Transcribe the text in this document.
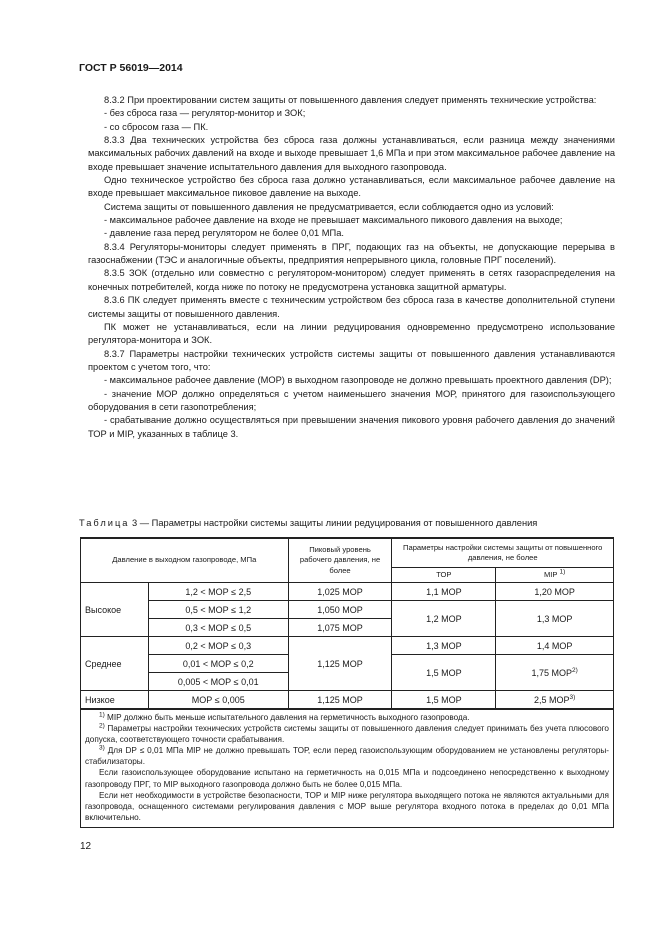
ГОСТ Р 56019—2014

8.3.2 При проектировании систем защиты от повышенного давления следует применять технические устройства:

- без сброса газа — регулятор-монитор и ЗОК;

- со сбросом газа — ПК.

8.3.3 Два технических устройства без сброса газа должны устанавливаться, если разница между значениями максимальных рабочих давлений на входе и выходе превышает 1,6 МПа и при этом максимальное рабочее давление на входе превышает значение испытательного давления для выходного газопровода.

Одно техническое устройство без сброса газа должно устанавливаться, если максимальное рабочее давление на входе превышает максимальное пиковое давление на выходе.

Система защиты от повышенного давления не предусматривается, если соблюдается одно из условий:

- максимальное рабочее давление на входе не превышает максимального пикового давления на выходе;

- давление газа перед регулятором не более 0,01 МПа.

8.3.4 Регуляторы-мониторы следует применять в ПРГ, подающих газ на объекты, не допускающие перерыва в газоснабжении (ТЭС и аналогичные объекты, предприятия непрерывного цикла, головные ПРГ поселений).

8.3.5 ЗОК (отдельно или совместно с регулятором-монитором) следует применять в сетях газораспределения на конечных потребителей, когда ниже по потоку не предусмотрена установка защитной арматуры.

8.3.6 ПК следует применять вместе с техническим устройством без сброса газа в качестве дополнительной ступени системы защиты от повышенного давления.

ПК может не устанавливаться, если на линии редуцирования одновременно предусмотрено использование регулятора-монитора и ЗОК.

8.3.7 Параметры настройки технических устройств системы защиты от повышенного давления устанавливаются проектом с учетом того, что:

- максимальное рабочее давление (МОР) в выходном газопроводе не должно превышать проектного давления (DP);

- значение МОР должно определяться с учетом наименьшего значения МОР, принятого для газоиспользующего оборудования в сети газопотребления;

- срабатывание должно осуществляться при превышении значения пикового уровня рабочего давления до значений ТОР и MIP, указанных в таблице 3.

Таблица 3 — Параметры настройки системы защиты линии редуцирования от повышенного давления
Давление в выходном газопроводе, МПа		Пиковый уровень рабочего давления, не более	Параметры настройки системы защиты от повышенного давления, не более	
			ТОР	MIP $^{1)}$
Высокое	1,2 < МОР ≤ 2,5	1,025 МОР	1,1 МОР	1,20 МОР
	0,5 < МОР ≤ 1,2	1,050 МОР	1,2 МОР	1,3 МОР
	0,3 < МОР ≤ 0,5	1,075 МОР		
Среднее	0,2 < МОР ≤ 0,3	1,125 МОР	1,3 МОР	1,4 МОР
	0,01 < МОР ≤ 0,2		1,5 МОР	1,75 МОР$^{2)}$
	0,005 < МОР ≤ 0,01			
Низкое	МОР ≤ 0,005	1,125 МОР	1,5 МОР	2,5 МОР$^{3)}$

$^{1)}$ MIP должно быть меньше испытательного давления на герметичность выходного газопровода.

$^{2)}$ Параметры настройки технических устройств системы защиты от повышенного давления следует принимать без учета плюсового допуска, соответствующего точности срабатывания.

$^{3)}$ Для DP ≤ 0,01 МПа MIP не должно превышать ТОР, если перед газоиспользующим оборудованием не установлены регуляторы-стабилизаторы.

Если газоиспользующее оборудование испытано на герметичность на 0,015 МПа и подсоединено непосредственно к выходному газопроводу ПРГ, то MIP выходного газопровода должно быть не более 0,015 МПа.

Если нет необходимости в устройстве безопасности, ТОР и MIP ниже регулятора выходящего потока не являются актуальными для газопровода, оснащенного системами регулирования давления с МОР выше регулятора входного потока в пределах до 0,01 МПа включительно.				

12
